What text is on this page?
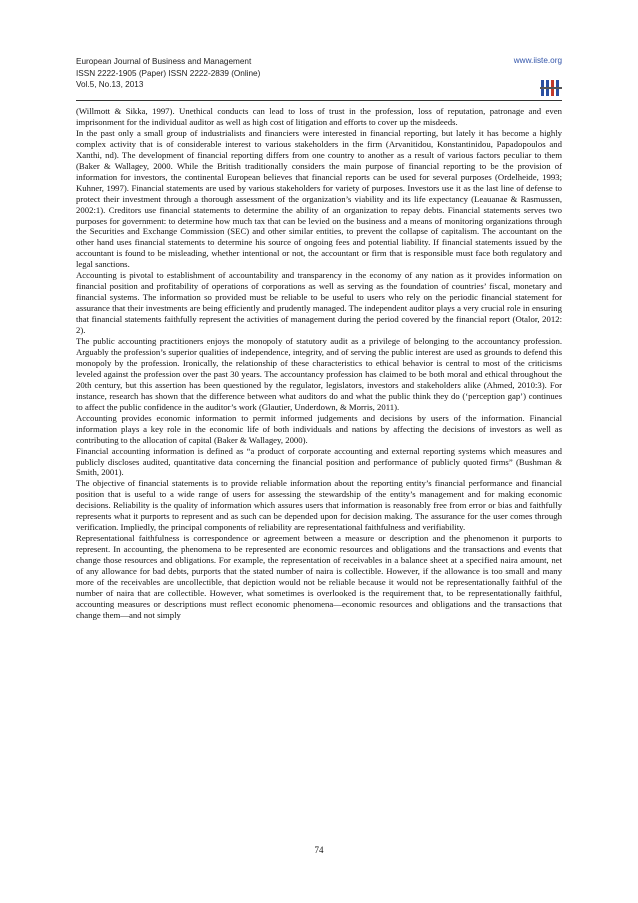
European Journal of Business and Management
ISSN 2222-1905 (Paper) ISSN 2222-2839 (Online)
Vol.5, No.13, 2013
www.iiste.org

(Willmott & Sikka, 1997). Unethical conducts can lead to loss of trust in the profession, loss of reputation, patronage and even imprisonment for the individual auditor as well as high cost of litigation and efforts to cover up the misdeeds.

In the past only a small group of industrialists and financiers were interested in financial reporting, but lately it has become a highly complex activity that is of considerable interest to various stakeholders in the firm (Arvanitidou, Konstantinidou, Papadopoulos and Xanthi, nd). The development of financial reporting differs from one country to another as a result of various factors peculiar to them (Baker & Wallagey, 2000. While the British traditionally considers the main purpose of financial reporting to be the provision of information for investors, the continental European believes that financial reports can be used for several purposes (Ordelheide, 1993; Kuhner, 1997). Financial statements are used by various stakeholders for variety of purposes. Investors use it as the last line of defense to protect their investment through a thorough assessment of the organization’s viability and its life expectancy (Leauanae & Rasmussen, 2002:1). Creditors use financial statements to determine the ability of an organization to repay debts. Financial statements serves two purposes for government: to determine how much tax that can be levied on the business and a means of monitoring organizations through the Securities and Exchange Commission (SEC) and other similar entities, to prevent the collapse of capitalism. The accountant on the other hand uses financial statements to determine his source of ongoing fees and potential liability. If financial statements issued by the accountant is found to be misleading, whether intentional or not, the accountant or firm that is responsible must face both regulatory and legal sanctions.

Accounting is pivotal to establishment of accountability and transparency in the economy of any nation as it provides information on financial position and profitability of operations of corporations as well as serving as the foundation of countries’ fiscal, monetary and financial systems. The information so provided must be reliable to be useful to users who rely on the periodic financial statement for assurance that their investments are being efficiently and prudently managed. The independent auditor plays a very crucial role in ensuring that financial statements faithfully represent the activities of management during the period covered by the financial report (Otalor, 2012: 2).

The public accounting practitioners enjoys the monopoly of statutory audit as a privilege of belonging to the accountancy profession. Arguably the profession’s superior qualities of independence, integrity, and of serving the public interest are used as grounds to defend this monopoly by the profession. Ironically, the relationship of these characteristics to ethical behavior is central to most of the criticisms leveled against the profession over the past 30 years. The accountancy profession has claimed to be both moral and ethical throughout the 20th century, but this assertion has been questioned by the regulator, legislators, investors and stakeholders alike (Ahmed, 2010:3). For instance, research has shown that the difference between what auditors do and what the public think they do (‘perception gap’) continues to affect the public confidence in the auditor’s work (Glautier, Underdown, & Morris, 2011).

Accounting provides economic information to permit informed judgements and decisions by users of the information. Financial information plays a key role in the economic life of both individuals and nations by affecting the decisions of investors as well as contributing to the allocation of capital (Baker & Wallagey, 2000).

Financial accounting information is defined as “a product of corporate accounting and external reporting systems which measures and publicly discloses audited, quantitative data concerning the financial position and performance of publicly quoted firms” (Bushman & Smith, 2001).

The objective of financial statements is to provide reliable information about the reporting entity’s financial performance and financial position that is useful to a wide range of users for assessing the stewardship of the entity’s management and for making economic decisions. Reliability is the quality of information which assures users that information is reasonably free from error or bias and faithfully represents what it purports to represent and as such can be depended upon for decision making. The assurance for the user comes through verification. Impliedly, the principal components of reliability are representational faithfulness and verifiability.

Representational faithfulness is correspondence or agreement between a measure or description and the phenomenon it purports to represent. In accounting, the phenomena to be represented are economic resources and obligations and the transactions and events that change those resources and obligations. For example, the representation of receivables in a balance sheet at a specified naira amount, net of any allowance for bad debts, purports that the stated number of naira is collectible. However, if the allowance is too small and many more of the receivables are uncollectible, that depiction would not be reliable because it would not be representationally faithful of the number of naira that are collectible. However, what sometimes is overlooked is the requirement that, to be representationally faithful, accounting measures or descriptions must reflect economic phenomena—economic resources and obligations and the transactions that change them—and not simply

74
